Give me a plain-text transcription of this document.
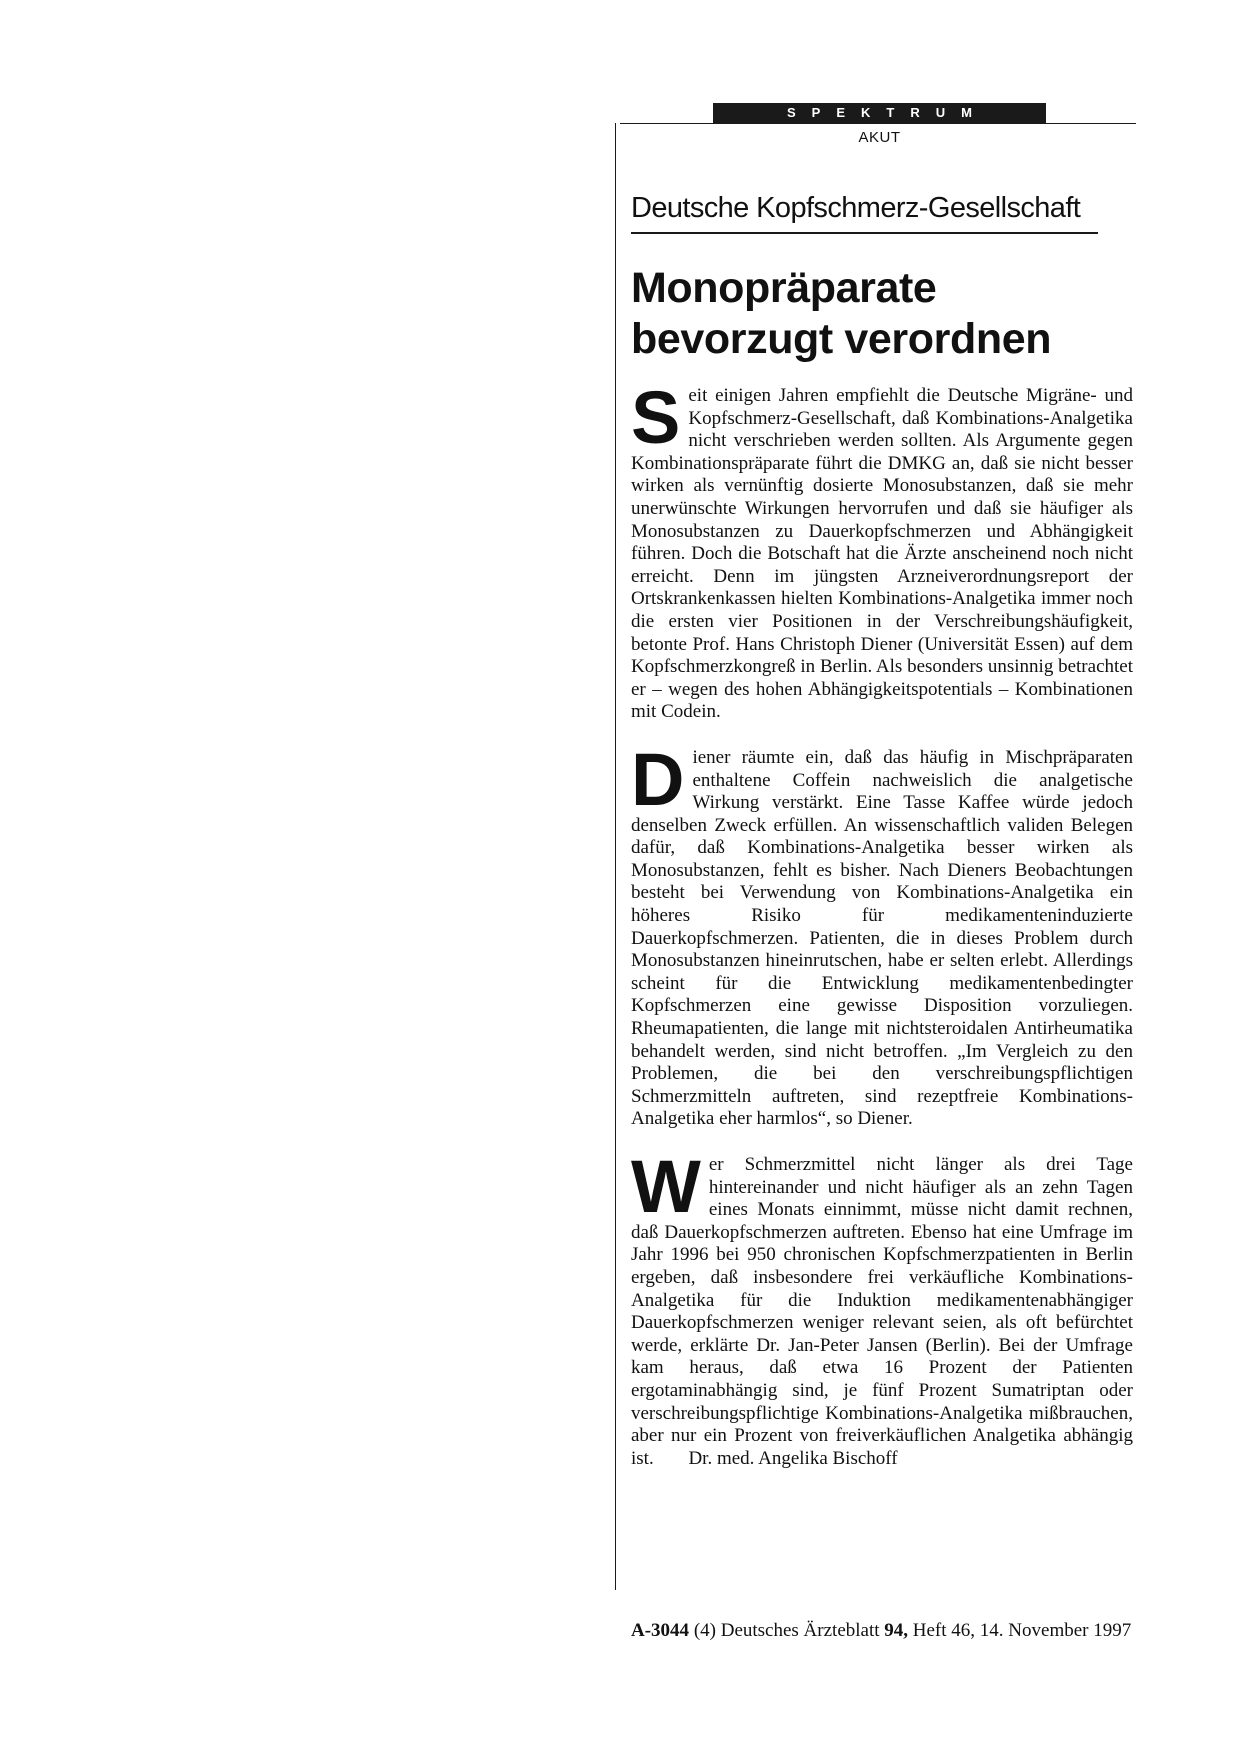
SPEKTRUM
AKUT
Deutsche Kopfschmerz-Gesellschaft
Monopräparate bevorzugt verordnen

Seit einigen Jahren empfiehlt die Deutsche Migräne- und Kopfschmerz-Gesellschaft, daß Kombinations-Analgetika nicht verschrieben werden sollten. Als Argumente gegen Kombinationspräparate führt die DMKG an, daß sie nicht besser wirken als vernünftig dosierte Monosubstanzen, daß sie mehr unerwünschte Wirkungen hervorrufen und daß sie häufiger als Monosubstanzen zu Dauerkopfschmerzen und Abhängigkeit führen. Doch die Botschaft hat die Ärzte anscheinend noch nicht erreicht. Denn im jüngsten Arzneiverordnungsreport der Ortskrankenkassen hielten Kombinations-Analgetika immer noch die ersten vier Positionen in der Verschreibungshäufigkeit, betonte Prof. Hans Christoph Diener (Universität Essen) auf dem Kopfschmerzkongreß in Berlin. Als besonders unsinnig betrachtet er – wegen des hohen Abhängigkeitspotentials – Kombinationen mit Codein.

Diener räumte ein, daß das häufig in Mischpräparaten enthaltene Coffein nachweislich die analgetische Wirkung verstärkt. Eine Tasse Kaffee würde jedoch denselben Zweck erfüllen. An wissenschaftlich validen Belegen dafür, daß Kombinations-Analgetika besser wirken als Monosubstanzen, fehlt es bisher. Nach Dieners Beobachtungen besteht bei Verwendung von Kombinations-Analgetika ein höheres Risiko für medikamenteninduzierte Dauerkopfschmerzen. Patienten, die in dieses Problem durch Monosubstanzen hineinrutschen, habe er selten erlebt. Allerdings scheint für die Entwicklung medikamentenbedingter Kopfschmerzen eine gewisse Disposition vorzuliegen. Rheumapatienten, die lange mit nichtsteroidalen Antirheumatika behandelt werden, sind nicht betroffen. „Im Vergleich zu den Problemen, die bei den verschreibungspflichtigen Schmerzmitteln auftreten, sind rezeptfreie Kombinations-Analgetika eher harmlos“, so Diener.

Wer Schmerzmittel nicht länger als drei Tage hintereinander und nicht häufiger als an zehn Tagen eines Monats einnimmt, müsse nicht damit rechnen, daß Dauerkopfschmerzen auftreten. Ebenso hat eine Umfrage im Jahr 1996 bei 950 chronischen Kopfschmerzpatienten in Berlin ergeben, daß insbesondere frei verkäufliche Kombinations-Analgetika für die Induktion medikamentenabhängiger Dauerkopfschmerzen weniger relevant seien, als oft befürchtet werde, erklärte Dr. Jan-Peter Jansen (Berlin). Bei der Umfrage kam heraus, daß etwa 16 Prozent der Patienten ergotaminabhängig sind, je fünf Prozent Sumatriptan oder verschreibungspflichtige Kombinations-Analgetika mißbrauchen, aber nur ein Prozent von freiverkäuflichen Analgetika abhängig ist. Dr. med. Angelika Bischoff

A-3044 (4) Deutsches Ärzteblatt 94, Heft 46, 14. November 1997
